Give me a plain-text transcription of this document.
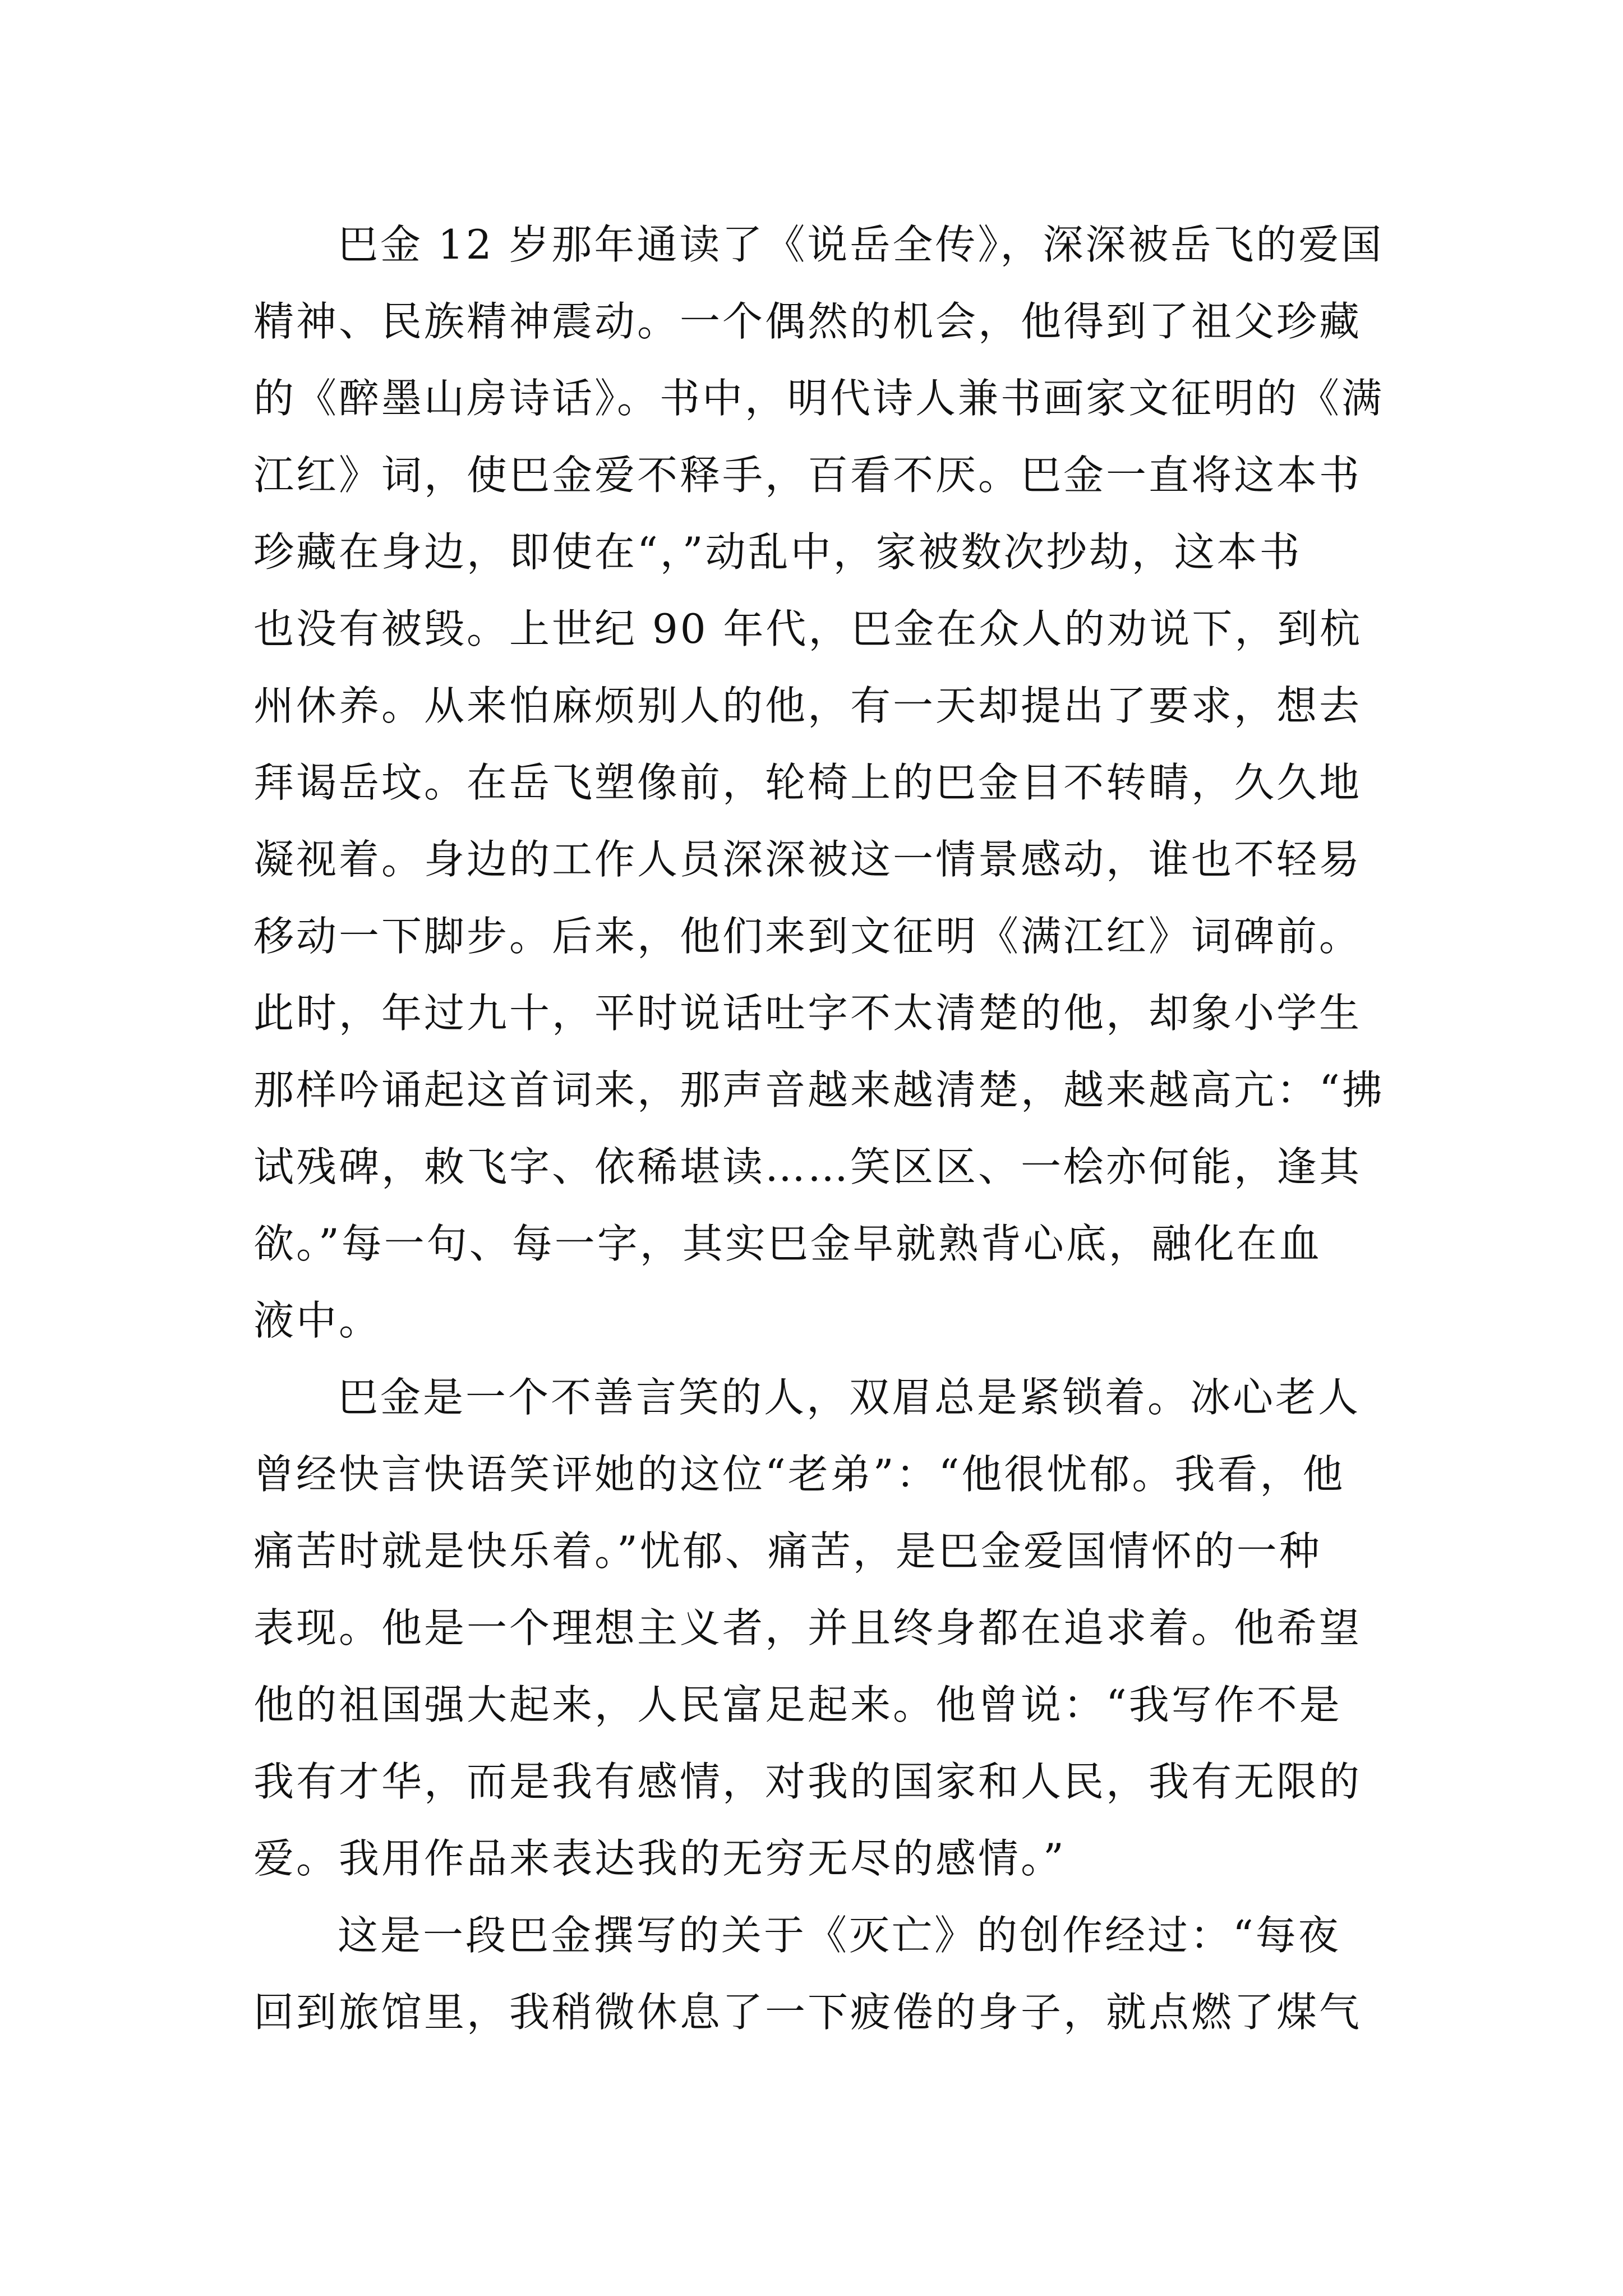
巴金 12 岁那年通读了《说岳全传》，深深被岳飞的爱国
精神、民族精神震动。一个偶然的机会，他得到了祖父珍藏
的《醉墨山房诗话》。书中，明代诗人兼书画家文征明的《满
江红》词，使巴金爱不释手，百看不厌。巴金一直将这本书
珍藏在身边，即使在“，”动乱中，家被数次抄劫，这本书
也没有被毁。上世纪 90 年代，巴金在众人的劝说下，到杭
州休养。从来怕麻烦别人的他，有一天却提出了要求，想去
拜谒岳坟。在岳飞塑像前，轮椅上的巴金目不转睛，久久地
凝视着。身边的工作人员深深被这一情景感动，谁也不轻易
移动一下脚步。后来，他们来到文征明《满江红》词碑前。
此时，年过九十，平时说话吐字不太清楚的他，却象小学生
那样吟诵起这首词来，那声音越来越清楚，越来越高亢：“拂
试残碑，敕飞字、依稀堪读……笑区区、一桧亦何能，逢其
欲。”每一句、每一字，其实巴金早就熟背心底，融化在血
液中。
巴金是一个不善言笑的人，双眉总是紧锁着。冰心老人
曾经快言快语笑评她的这位“老弟”：“他很忧郁。我看，他
痛苦时就是快乐着。”忧郁、痛苦，是巴金爱国情怀的一种
表现。他是一个理想主义者，并且终身都在追求着。他希望
他的祖国强大起来，人民富足起来。他曾说：“我写作不是
我有才华，而是我有感情，对我的国家和人民，我有无限的
爱。我用作品来表达我的无穷无尽的感情。”
这是一段巴金撰写的关于《灭亡》的创作经过：“每夜
回到旅馆里，我稍微休息了一下疲倦的身子，就点燃了煤气
